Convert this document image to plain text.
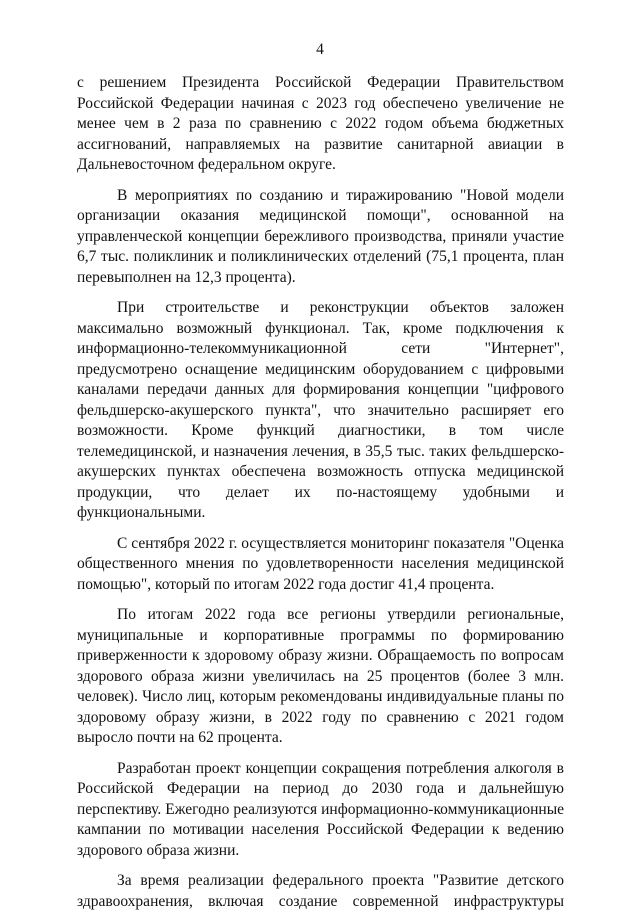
4

с решением Президента Российской Федерации Правительством Российской Федерации начиная с 2023 год обеспечено увеличение не менее чем в 2 раза по сравнению с 2022 годом объема бюджетных ассигнований, направляемых на развитие санитарной авиации в Дальневосточном федеральном округе.

В мероприятиях по созданию и тиражированию "Новой модели организации оказания медицинской помощи", основанной на управленческой концепции бережливого производства, приняли участие 6,7 тыс. поликлиник и поликлинических отделений (75,1 процента, план перевыполнен на 12,3 процента).

При строительстве и реконструкции объектов заложен максимально возможный функционал. Так, кроме подключения к информационно-телекоммуникационной сети "Интернет", предусмотрено оснащение медицинским оборудованием с цифровыми каналами передачи данных для формирования концепции "цифрового фельдшерско-акушерского пункта", что значительно расширяет его возможности. Кроме функций диагностики, в том числе телемедицинской, и назначения лечения, в 35,5 тыс. таких фельдшерско-акушерских пунктах обеспечена возможность отпуска медицинской продукции, что делает их по-настоящему удобными и функциональными.

С сентября 2022 г. осуществляется мониторинг показателя "Оценка общественного мнения по удовлетворенности населения медицинской помощью", который по итогам 2022 года достиг 41,4 процента.

По итогам 2022 года все регионы утвердили региональные, муниципальные и корпоративные программы по формированию приверженности к здоровому образу жизни. Обращаемость по вопросам здорового образа жизни увеличилась на 25 процентов (более 3 млн. человек). Число лиц, которым рекомендованы индивидуальные планы по здоровому образу жизни, в 2022 году по сравнению с 2021 годом выросло почти на 62 процента.

Разработан проект концепции сокращения потребления алкоголя в Российской Федерации на период до 2030 года и дальнейшую перспективу. Ежегодно реализуются информационно-коммуникационные кампании по мотивации населения Российской Федерации к ведению здорового образа жизни.

За время реализации федерального проекта "Развитие детского здравоохранения, включая создание современной инфраструктуры
